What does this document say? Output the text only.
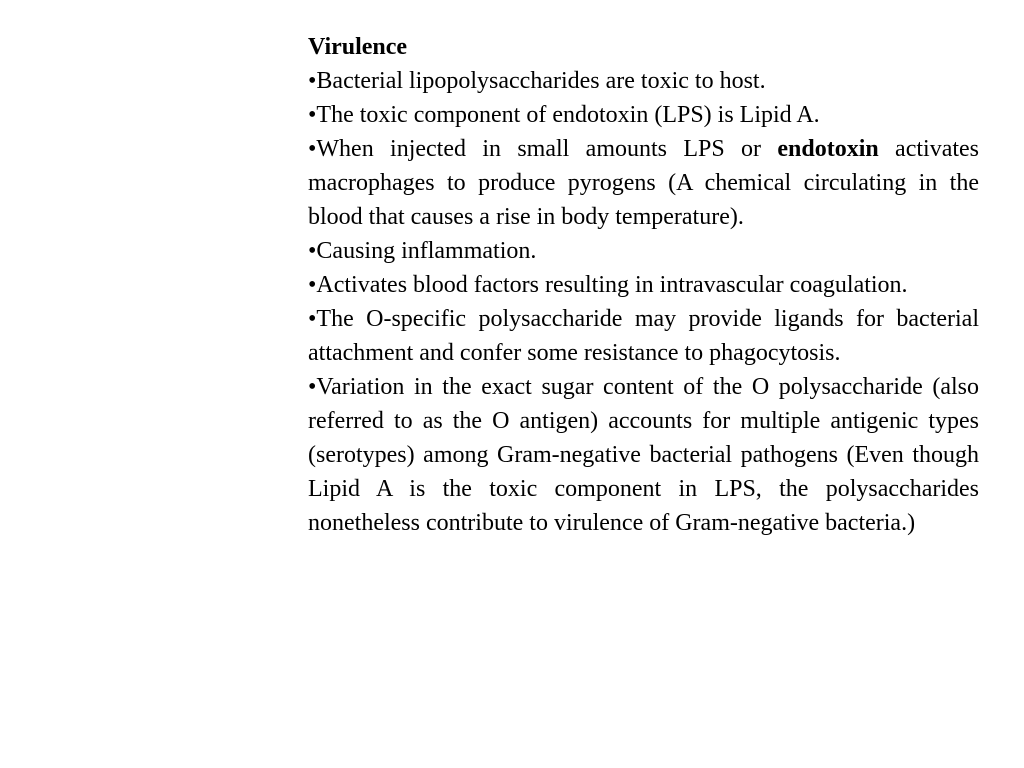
Virulence

•Bacterial lipopolysaccharides are toxic to host.

•The toxic component of endotoxin (LPS) is Lipid A.

•When injected in small amounts LPS or endotoxin activates macrophages to produce pyrogens (A chemical circulating in the blood that causes a rise in body temperature).

•Causing inflammation.

•Activates blood factors resulting in intravascular coagulation.

•The O-specific polysaccharide may provide ligands for bacterial attachment and confer some resistance to phagocytosis.

•Variation in the exact sugar content of the O polysaccharide (also referred to as the O antigen) accounts for multiple antigenic types (serotypes) among Gram-negative bacterial pathogens (Even though Lipid A is the toxic component in LPS, the polysaccharides nonetheless contribute to virulence of Gram-negative bacteria.)
